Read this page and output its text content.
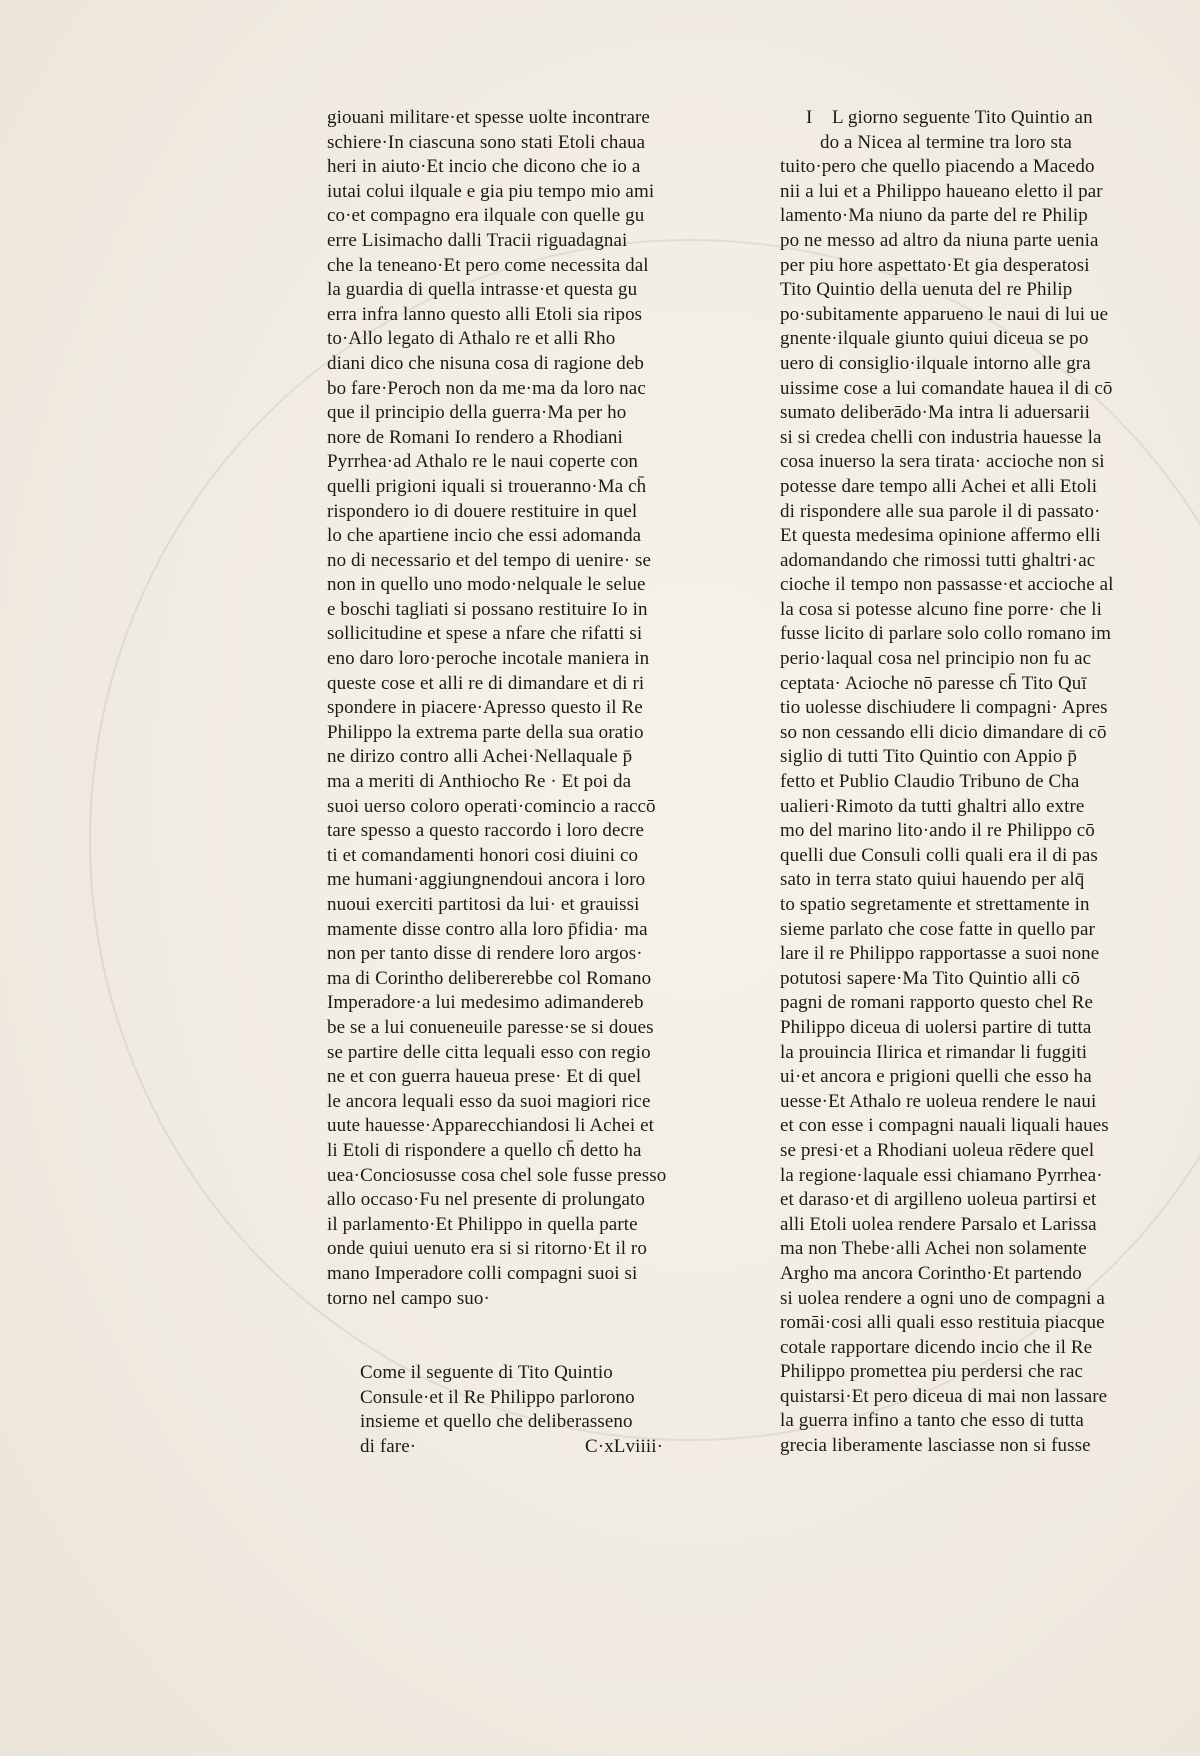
giouani militare·et spesse uolte incontrare
schiere·In ciascuna sono stati Etoli chaua
heri in aiuto·Et incio che dicono che io a
iutai colui ilquale e gia piu tempo mio ami
co·et compagno era ilquale con quelle gu
erre Lisimacho dalli Tracii riguadagnai
che la teneano·Et pero come necessita dal
la guardia di quella intrasse·et questa gu
erra infra lanno questo alli Etoli sia ripos
to·Allo legato di Athalo re et alli Rho
diani dico che nisuna cosa di ragione deb
bo fare·Peroch non da me·ma da loro nac
que il principio della guerra·Ma per ho
nore de Romani Io rendero a Rhodiani
Pyrrhea·ad Athalo re le naui coperte con
quelli prigioni iquali si troueranno·Ma ch̄
rispondero io di douere restituire in quel
lo che apartiene incio che essi adomanda
no di necessario et del tempo di uenire· se
non in quello uno modo·nelquale le selue
e boschi tagliati si possano restituire Io in
sollicitudine et spese a nfare che rifatti si
eno daro loro·peroche incotale maniera in
queste cose et alli re di dimandare et di ri
spondere in piacere·Apresso questo il Re
Philippo la extrema parte della sua oratio
ne dirizo contro alli Achei·Nellaquale p̄
ma a meriti di Anthiocho Re · Et poi da
suoi uerso coloro operati·comincio a raccō
tare spesso a questo raccordo i loro decre
ti et comandamenti honori cosi diuini co
me humani·aggiungnendoui ancora i loro
nuoui exerciti partitosi da lui· et grauissi
mamente disse contro alla loro p̄fidia· ma
non per tanto disse di rendere loro argos·
ma di Corintho delibererebbe col Romano
Imperadore·a lui medesimo adimandereb
be se a lui conueneuile paresse·se si doues
se partire delle citta lequali esso con regio
ne et con guerra haueua prese· Et di quel
le ancora lequali esso da suoi magiori rice
uute hauesse·Apparecchiandosi li Achei et
li Etoli di rispondere a quello ch̄ detto ha
uea·Conciosusse cosa chel sole fusse presso
allo occaso·Fu nel presente di prolungato
il parlamento·Et Philippo in quella parte
onde quiui uenuto era si si ritorno·Et il ro
mano Imperadore colli compagni suoi si
torno nel campo suo·
Come il seguente di Tito Quintio
Consule·et il Re Philippo parlorono
insieme et quello che deliberasseno
di fare·	C·xLviiii·
I	L giorno seguente Tito Quintio an
do a Nicea al termine tra loro sta
tuito·pero che quello piacendo a Macedo
nii a lui et a Philippo haueano eletto il par
lamento·Ma niuno da parte del re Philip
po ne messo ad altro da niuna parte uenia
per piu hore aspettato·Et gia desperatosi
Tito Quintio della uenuta del re Philip
po·subitamente apparueno le naui di lui ue
gnente·ilquale giunto quiui diceua se po
uero di consiglio·ilquale intorno alle gra
uissime cose a lui comandate hauea il di cō
sumato deliberādo·Ma intra li aduersarii
si si credea chelli con industria hauesse la
cosa inuerso la sera tirata· accioche non si
potesse dare tempo alli Achei et alli Etoli
di rispondere alle sua parole il di passato·
Et questa medesima opinione affermo elli
adomandando che rimossi tutti ghaltri·ac
cioche il tempo non passasse·et accioche al
la cosa si potesse alcuno fine porre· che li
fusse licito di parlare solo collo romano im
perio·laqual cosa nel principio non fu ac
ceptata· Acioche nō paresse ch̄ Tito Quī
tio uolesse dischiudere li compagni· Apres
so non cessando elli dicio dimandare di cō
siglio di tutti Tito Quintio con Appio p̄
fetto et Publio Claudio Tribuno de Cha
ualieri·Rimoto da tutti ghaltri allo extre
mo del marino lito·ando il re Philippo cō
quelli due Consuli colli quali era il di pas
sato in terra stato quiui hauendo per alq̄
to spatio segretamente et strettamente in
sieme parlato che cose fatte in quello par
lare il re Philippo rapportasse a suoi none
potutosi sapere·Ma Tito Quintio alli cō
pagni de romani rapporto questo chel Re
Philippo diceua di uolersi partire di tutta
la prouincia Ilirica et rimandar li fuggiti
ui·et ancora e prigioni quelli che esso ha
uesse·Et Athalo re uoleua rendere le naui
et con esse i compagni nauali liquali haues
se presi·et a Rhodiani uoleua rēdere quel
la regione·laquale essi chiamano Pyrrhea·
et daraso·et di argilleno uoleua partirsi et
alli Etoli uolea rendere Parsalo et Larissa
ma non Thebe·alli Achei non solamente
Argho ma ancora Corintho·Et partendo
si uolea rendere a ogni uno de compagni a
romāi·cosi alli quali esso restituia piacque
cotale rapportare dicendo incio che il Re
Philippo promettea piu perdersi che rac
quistarsi·Et pero diceua di mai non lassare
la guerra infino a tanto che esso di tutta
grecia liberamente lasciasse non si fusse
